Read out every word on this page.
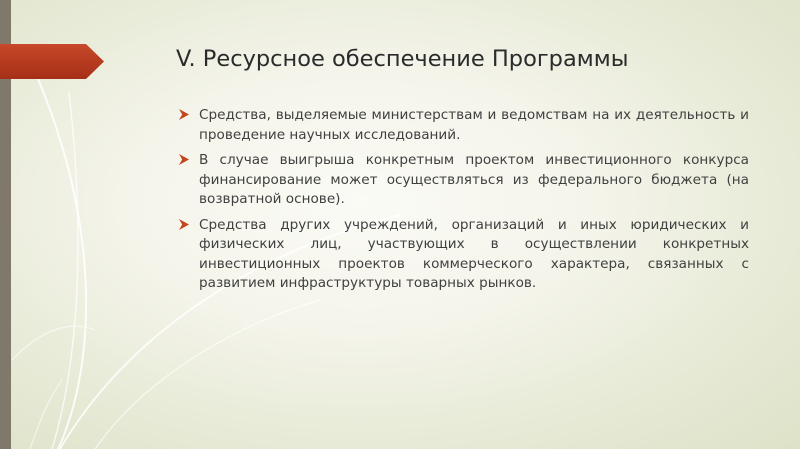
V. Ресурсное обеспечение Программы
Средства, выделяемые министерствам и ведомствам на их деятельность и проведение научных исследований.
В случае выигрыша конкретным проектом инвестиционного конкурса финансирование может осуществляться из федерального бюджета (на возвратной основе).
Средства других учреждений, организаций и иных юридических и физических лиц, участвующих в осуществлении конкретных инвестиционных проектов коммерческого характера, связанных с развитием инфраструктуры товарных рынков.
